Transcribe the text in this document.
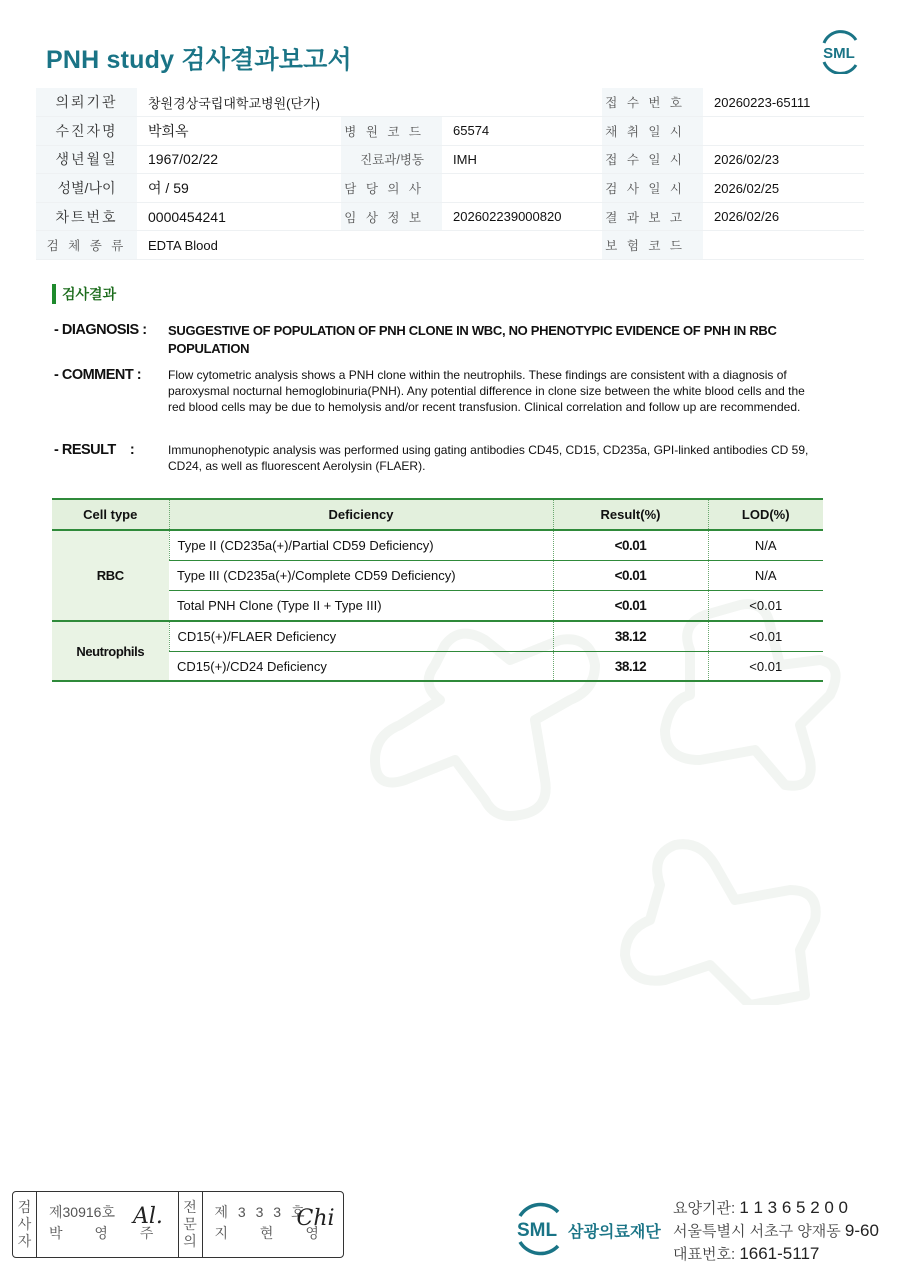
PNH study 검사결과보고서	SML
의뢰기관	창원경상국립대학교병원(단가)			접 수 번 호	20260223-65111
수진자명	박희옥	병 원 코 드	65574	채 취 일 시	
생년월일	1967/02/22	진료과/병동	IMH	접 수 일 시	2026/02/23
성별/나이	여 / 59	담 당 의 사		검 사 일 시	2026/02/25
차트번호	0000454241	임 상 정 보	202602239000820	결 과 보 고	2026/02/26
검 체 종 류	EDTA Blood			보 험 코 드	
검사결과
- DIAGNOSIS :	SUGGESTIVE OF POPULATION OF PNH CLONE IN WBC, NO PHENOTYPIC EVIDENCE OF PNH IN RBC POPULATION
- COMMENT :	Flow cytometric analysis shows a PNH clone within the neutrophils. These findings are consistent with a diagnosis of paroxysmal nocturnal hemoglobinuria(PNH). Any potential difference in clone size between the white blood cells and the red blood cells may be due to hemolysis and/or recent transfusion. Clinical correlation and follow up are recommended.
- RESULT    :	Immunophenotypic analysis was performed using gating antibodies CD45, CD15, CD235a, GPI-linked antibodies CD 59, CD24, as well as fluorescent Aerolysin (FLAER).
Cell type	Deficiency	Result(%)	LOD(%)
RBC	Type II (CD235a(+)/Partial CD59 Deficiency)	<0.01	N/A
	Type III (CD235a(+)/Complete CD59 Deficiency)	<0.01	N/A
	Total PNH Clone (Type II + Type III)	<0.01	<0.01
Neutrophils	CD15(+)/FLAER Deficiency	38.12	<0.01
	CD15(+)/CD24 Deficiency	38.12	<0.01
검
사
자
제30916호
박 영 주
Al. 전
문
의
제 3 3 3 호
지 현 영
Chi	SML 삼광의료재단
요양기관: 1 1 3 6 5 2 0 0
서울특별시 서초구 양재동 9-60
대표번호: 1661-5117
